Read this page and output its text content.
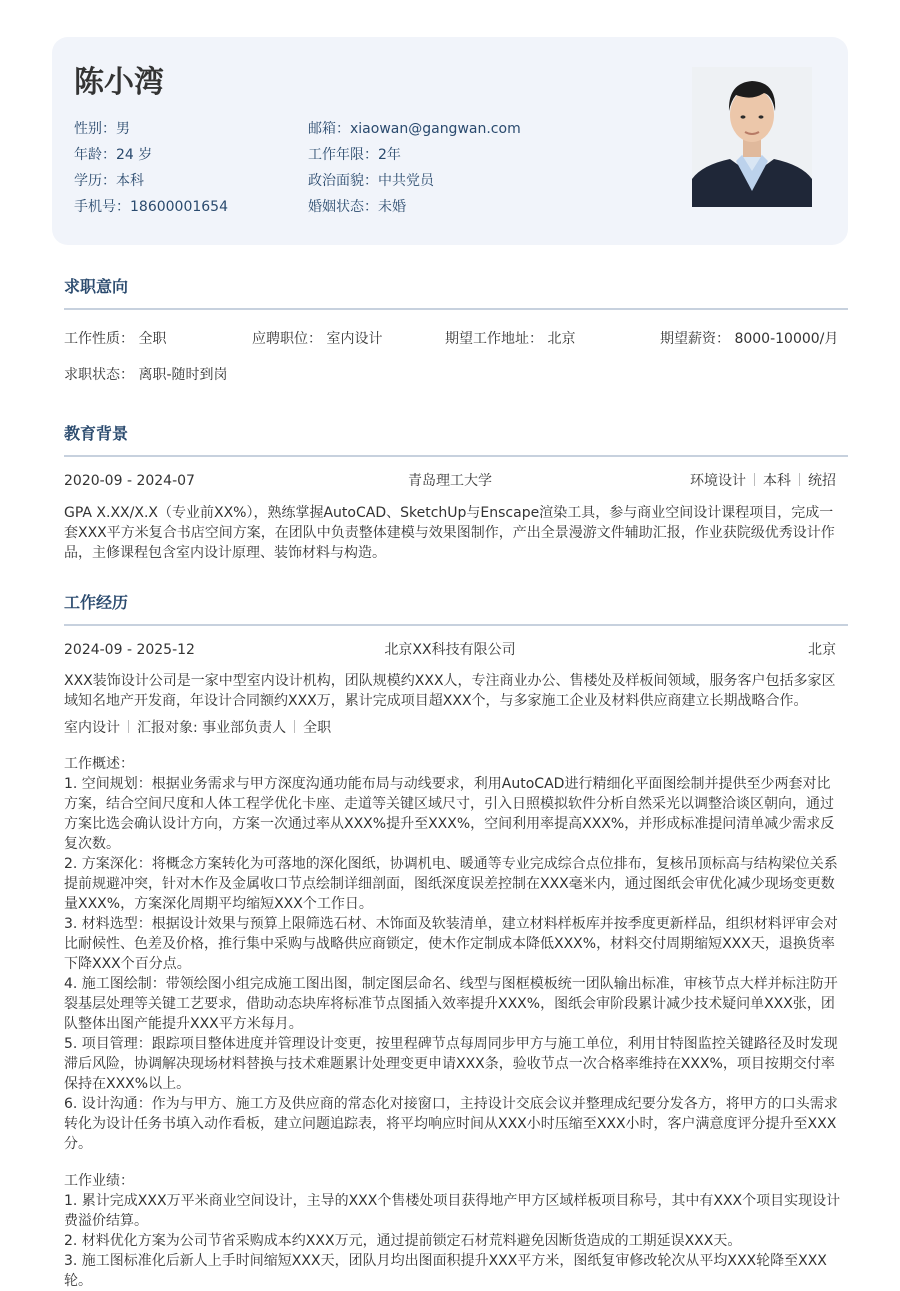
陈小湾
性别：男
年龄：24 岁
学历：本科
手机号：18600001654
邮箱：xiaowan@gangwan.com
工作年限：2年
政治面貌：中共党员
婚姻状态：未婚
求职意向
工作性质： 全职	应聘职位： 室内设计	期望工作地址： 北京	期望薪资： 8000-10000/月
求职状态： 离职-随时到岗
教育背景
2020-09 - 2024-07	青岛理工大学	环境设计 本科 统招

GPA X.XX/X.X（专业前XX%），熟练掌握AutoCAD、SketchUp与Enscape渲染工具，参与商业空间设计课程项目，完成一套XXX平方米复合书店空间方案，在团队中负责整体建模与效果图制作，产出全景漫游文件辅助汇报，作业获院级优秀设计作品，主修课程包含室内设计原理、装饰材料与构造。

工作经历
2024-09 - 2025-12	北京XX科技有限公司	北京

XXX装饰设计公司是一家中型室内设计机构，团队规模约XXX人，专注商业办公、售楼处及样板间领域，服务客户包括多家区域知名地产开发商，年设计合同额约XXX万，累计完成项目超XXX个，与多家施工企业及材料供应商建立长期战略合作。

室内设计 汇报对象: 事业部负责人 全职
工作概述：
1. 空间规划：根据业务需求与甲方深度沟通功能布局与动线要求，利用AutoCAD进行精细化平面图绘制并提供至少两套对比方案，结合空间尺度和人体工程学优化卡座、走道等关键区域尺寸，引入日照模拟软件分析自然采光以调整洽谈区朝向，通过方案比选会确认设计方向，方案一次通过率从XXX%提升至XXX%，空间利用率提高XXX%，并形成标准提问清单减少需求反复次数。
2. 方案深化：将概念方案转化为可落地的深化图纸，协调机电、暖通等专业完成综合点位排布，复核吊顶标高与结构梁位关系提前规避冲突，针对木作及金属收口节点绘制详细剖面，图纸深度误差控制在XXX毫米内，通过图纸会审优化减少现场变更数量XXX%，方案深化周期平均缩短XXX个工作日。
3. 材料选型：根据设计效果与预算上限筛选石材、木饰面及软装清单，建立材料样板库并按季度更新样品，组织材料评审会对比耐候性、色差及价格，推行集中采购与战略供应商锁定，使木作定制成本降低XXX%，材料交付周期缩短XXX天，退换货率下降XXX个百分点。
4. 施工图绘制：带领绘图小组完成施工图出图，制定图层命名、线型与图框模板统一团队输出标准，审核节点大样并标注防开裂基层处理等关键工艺要求，借助动态块库将标准节点图插入效率提升XXX%，图纸会审阶段累计减少技术疑问单XXX张，团队整体出图产能提升XXX平方米每月。
5. 项目管理：跟踪项目整体进度并管理设计变更，按里程碑节点每周同步甲方与施工单位，利用甘特图监控关键路径及时发现滞后风险，协调解决现场材料替换与技术难题累计处理变更申请XXX条，验收节点一次合格率维持在XXX%，项目按期交付率保持在XXX%以上。
6. 设计沟通：作为与甲方、施工方及供应商的常态化对接窗口，主持设计交底会议并整理成纪要分发各方，将甲方的口头需求转化为设计任务书填入动作看板，建立问题追踪表，将平均响应时间从XXX小时压缩至XXX小时，客户满意度评分提升至XXX分。
工作业绩：
1. 累计完成XXX万平米商业空间设计，主导的XXX个售楼处项目获得地产甲方区域样板项目称号，其中有XXX个项目实现设计费溢价结算。
2. 材料优化方案为公司节省采购成本约XXX万元，通过提前锁定石材荒料避免因断货造成的工期延误XXX天。
3. 施工图标准化后新人上手时间缩短XXX天，团队月均出图面积提升XXX平方米，图纸复审修改轮次从平均XXX轮降至XXX轮。
